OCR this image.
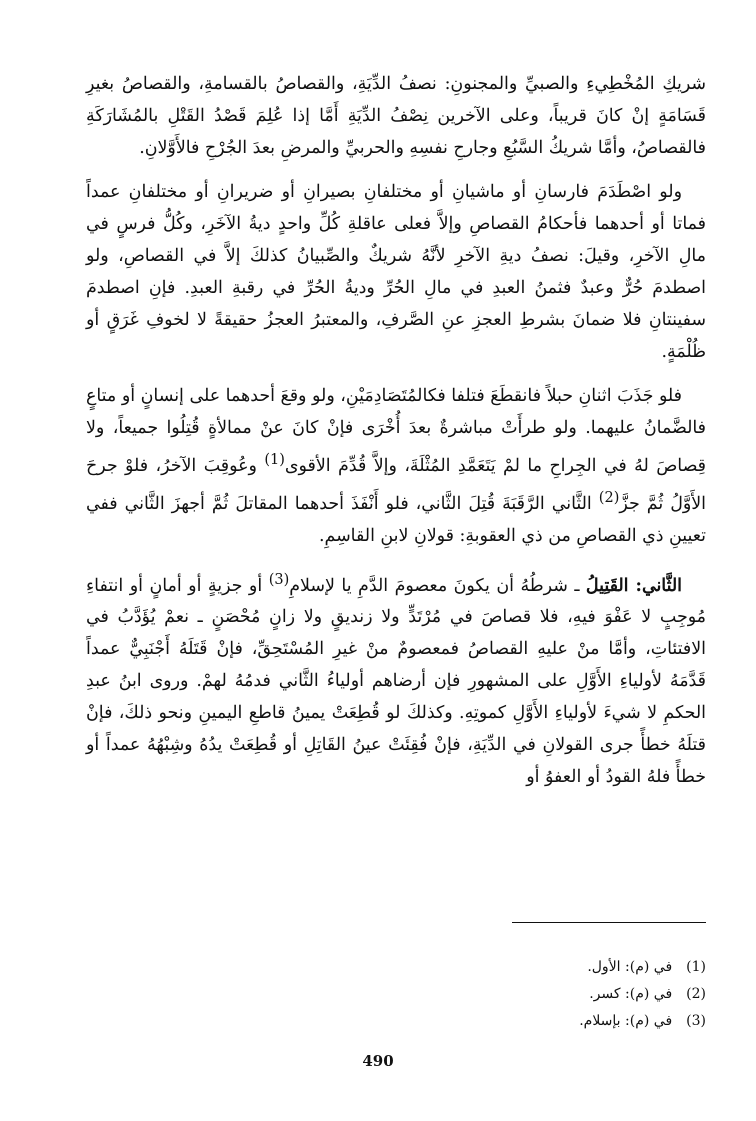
شريكِ المُخْطِيءِ والصبيِّ والمجنونِ: نصفُ الدِّيَةِ، والقصاصُ بالقسامةِ، والقصاصُ بغيرِ قَسَامَةٍ إنْ كانَ قريباً، وعلى الآخرين نِصْفُ الدِّيَةِ أَمَّا إذا عُلِمَ قَصْدُ القَتْلِ بالمُشَارَكَةِ فالقصاصُ، وأمَّا شريكُ السَّبُعِ وجارحِ نفسِهِ والحربيِّ والمرضِ بعدَ الجُرْحِ فالأَوَّلانِ.

ولو اصْطَدَمَ فارسانِ أو ماشيانِ أو مختلفانِ بصيرانِ أو ضريرانِ أو مختلفانِ عمداً فماتا أو أحدهما فأحكامُ القصاصِ وإلاَّ فعلى عاقلةِ كُلِّ واحدٍ ديةُ الآخَرِ، وكُلُّ فرسٍ في مالِ الآخرِ، وقيلَ: نصفُ ديةِ الآخرِ لأنَّهُ شريكٌ والصِّبيانُ كذلكَ إلاَّ في القصاصِ، ولو اصطدمَ حُرٌّ وعبدٌ فثمنُ العبدِ في مالِ الحُرِّ وديةُ الحُرِّ في رقبةِ العبدِ. فإنِ اصطدمَ سفينتانِ فلا ضمانَ بشرطِ العجزِ عنِ الصَّرفِ، والمعتبرُ العجزُ حقيقةً لا لخوفِ غَرَقٍ أو ظُلْمَةٍ.

فلو جَذَبَ اثنانِ حبلاً فانقطَعَ فتلفا فكالمُتَصَادِمَيْنِ، ولو وقعَ أحدهما على إنسانٍ أو متاعٍ فالضَّمانُ عليهما. ولو طرأَتْ مباشرةٌ بعدَ أُخْرَى فإنْ كانَ عنْ ممالأةٍ قُتِلُوا جميعاً، ولا قِصاصَ لهُ في الجِراحِ ما لمْ يَتَعَمَّدِ المُثْلَةَ، وإلاَّ قُدِّمَ الأقوى$^{(1)}$ وعُوقِبَ الآخرُ، فلوْ جرحَ الأَوَّلُ ثُمَّ جزَّ$^{(2)}$ الثَّاني الرَّقَبَةَ قُتِلَ الثَّاني، فلو أَنْفَذَ أحدهما المقاتلَ ثُمَّ أجهزَ الثَّاني ففي تعيينِ ذي القصاصِ من ذي العقوبةِ: قولانِ لابنِ القاسِمِ.

الثَّاني: القَتِيلُ ـ شرطُهُ أن يكونَ معصومَ الدَّمِ يا لإسلامِ$^{(3)}$ أو جزيةٍ أو أمانٍ أو انتفاءِ مُوجِبٍ لا عَفْوَ فيهِ، فلا قصاصَ في مُرْتَدٍّ ولا زنديقٍ ولا زانٍ مُحْصَنٍ ـ نعمْ يُؤَدَّبُ في الافتئاتِ، وأمَّا منْ عليهِ القصاصُ فمعصومٌ منْ غيرِ المُسْتَحِقِّ، فإنْ قَتَلَهُ أَجْنَبِيٌّ عمداً قَدَّمَهُ لأولياءِ الأَوَّلِ على المشهورِ فإن أرضاهم أولياءُ الثَّاني فدمُهُ لهمْ. وروى ابنُ عبدِ الحكمِ لا شيءَ لأولياءِ الأَوَّلِ كموتِهِ. وكذلكَ لو قُطِعَتْ يمينُ قاطعِ اليمينِ ونحو ذلكَ، فإنْ قتلَهُ خطأً جرى القولانِ في الدِّيَةِ، فإنْ فُقِئَتْ عينُ القَاتِلِ أو قُطِعَتْ يدُهُ وشِبْهُهُ عمداً أو خطأً فلهُ القودُ أو العفوُ أو

(1)
في (م): الأول.
(2)
في (م): كسر.
(3)
في (م): بإسلام.
490
